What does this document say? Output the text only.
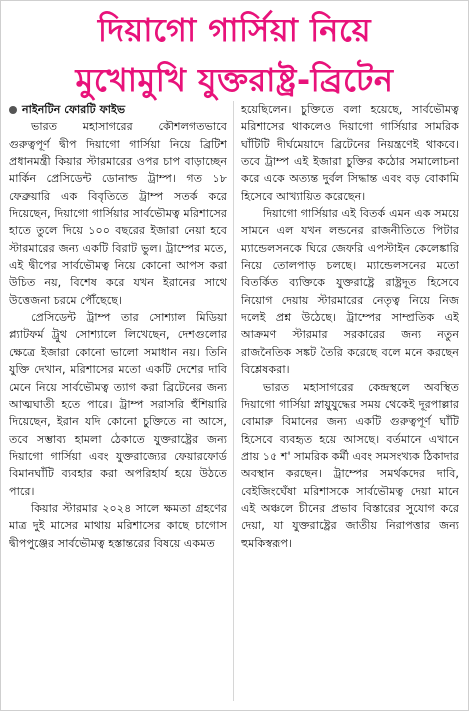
দিয়াগো গার্সিয়া নিয়ে
মুখোমুখি যুক্তরাষ্ট্র-ব্রিটেন
নাইনটিন ফোরটি ফাইভ

ভারত মহাসাগরের কৌশলগতভাবে গুরুত্বপূর্ণ দ্বীপ দিয়াগো গার্সিয়া নিয়ে ব্রিটিশ প্রধানমন্ত্রী কিয়ার স্টারমারের ওপর চাপ বাড়াচ্ছেন মার্কিন প্রেসিডেন্ট ডোনাল্ড ট্রাম্প। গত ১৮ ফেব্রুয়ারি এক বিবৃতিতে ট্রাম্প সতর্ক করে দিয়েছেন, দিয়াগো গার্সিয়ার সার্বভৌমত্ব মরিশাসের হাতে তুলে দিয়ে ১০০ বছরের ইজারা নেয়া হবে স্টারমারের জন্য একটি বিরাট ভুল। ট্রাম্পের মতে, এই দ্বীপের সার্বভৌমত্ব নিয়ে কোনো আপস করা উচিত নয়, বিশেষ করে যখন ইরানের সাথে উত্তেজনা চরমে পৌঁছেছে।

প্রেসিডেন্ট ট্রাম্প তার সোশ্যাল মিডিয়া প্ল্যাটফর্ম ট্রুথ সোশ্যালে লিখেছেন, দেশগুলোর ক্ষেত্রে ইজারা কোনো ভালো সমাধান নয়। তিনি যুক্তি দেখান, মরিশাসের মতো একটি দেশের দাবি মেনে নিয়ে সার্বভৌমত্ব ত্যাগ করা ব্রিটেনের জন্য আত্মঘাতী হতে পারে। ট্রাম্প সরাসরি হুঁশিয়ারি দিয়েছেন, ইরান যদি কোনো চুক্তিতে না আসে, তবে সম্ভাব্য হামলা ঠেকাতে যুক্তরাষ্ট্রের জন্য দিয়াগো গার্সিয়া এবং যুক্তরাজ্যের ফেয়ারফোর্ড বিমানঘাঁটি ব্যবহার করা অপরিহার্য হয়ে উঠতে পারে।

কিয়ার স্টারমার ২০২৪ সালে ক্ষমতা গ্রহণের মাত্র দুই মাসের মাথায় মরিশাসের কাছে চাগোস দ্বীপপুঞ্জের সার্বভৌমত্ব হস্তান্তরের বিষয়ে একমত

হয়েছিলেন। চুক্তিতে বলা হয়েছে, সার্বভৌমত্ব মরিশাসের থাকলেও দিয়াগো গার্সিয়ার সামরিক ঘাঁটিটি দীর্ঘমেয়াদে ব্রিটেনের নিয়ন্ত্রণেই থাকবে। তবে ট্রাম্প এই ইজারা চুক্তির কঠোর সমালোচনা করে একে অত্যন্ত দুর্বল সিদ্ধান্ত এবং বড় বোকামি হিসেবে আখ্যায়িত করেছেন।

দিয়াগো গার্সিয়ার এই বিতর্ক এমন এক সময়ে সামনে এল যখন লন্ডনের রাজনীতিতে পিটার ম্যান্ডেলসনকে ঘিরে জেফরি এপস্টাইন কেলেঙ্কারি নিয়ে তোলপাড় চলছে। ম্যান্ডেলসনের মতো বিতর্কিত ব্যক্তিকে যুক্তরাষ্ট্রে রাষ্ট্রদূত হিসেবে নিয়োগ দেয়ায় স্টারমারের নেতৃত্ব নিয়ে নিজ দলেই প্রশ্ন উঠেছে। ট্রাম্পের সাম্প্রতিক এই আক্রমণ স্টারমার সরকারের জন্য নতুন রাজনৈতিক সঙ্কট তৈরি করেছে বলে মনে করছেন বিশ্লেষকরা।

ভারত মহাসাগরের কেন্দ্রস্থলে অবস্থিত দিয়াগো গার্সিয়া স্নায়ুযুদ্ধের সময় থেকেই দূরপাল্লার বোমারু বিমানের জন্য একটি গুরুত্বপূর্ণ ঘাঁটি হিসেবে ব্যবহৃত হয়ে আসছে। বর্তমানে এখানে প্রায় ১৫ শ' সামরিক কর্মী এবং সমসংখ্যক ঠিকাদার অবস্থান করছেন। ট্রাম্পের সমর্থকদের দাবি, বেইজিংঘেঁষা মরিশাসকে সার্বভৌমত্ব দেয়া মানে এই অঞ্চলে চীনের প্রভাব বিস্তারের সুযোগ করে দেয়া, যা যুক্তরাষ্ট্রের জাতীয় নিরাপত্তার জন্য হুমকিস্বরূপ।
